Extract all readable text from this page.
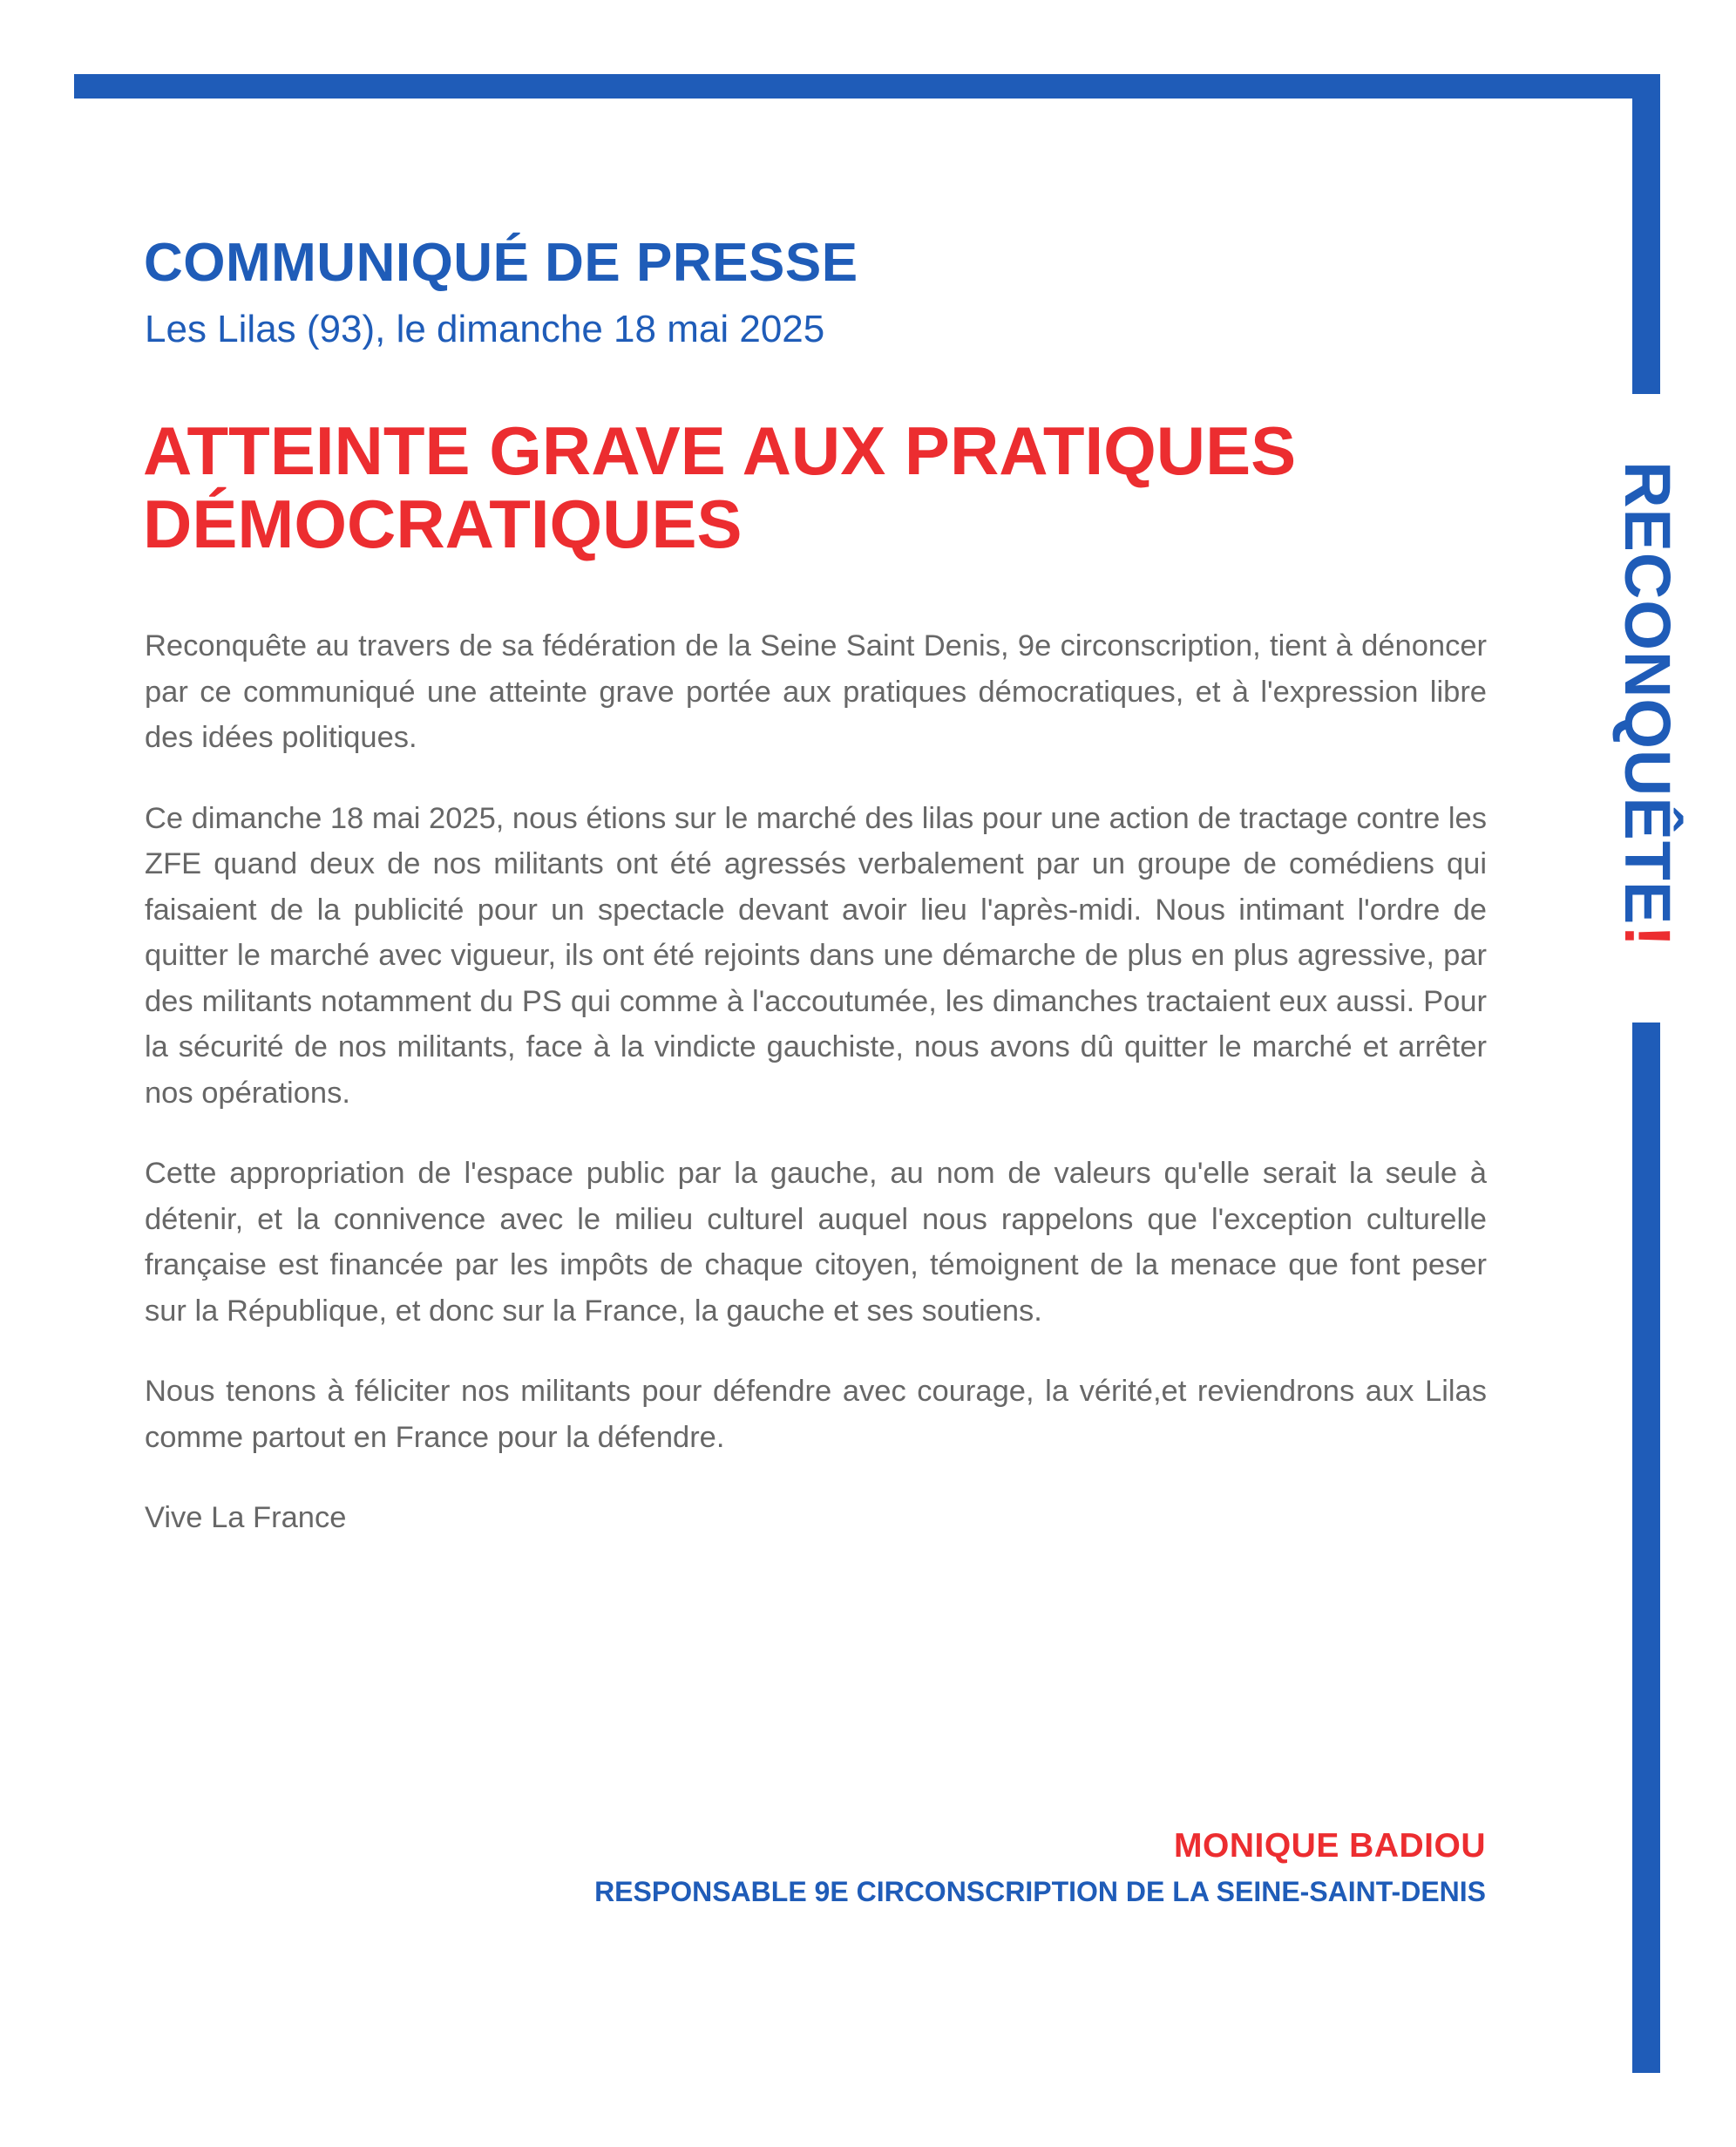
RECONQUÊTE!
COMMUNIQUÉ DE PRESSE
Les Lilas (93), le dimanche 18 mai 2025
ATTEINTE GRAVE AUX PRATIQUES
DÉMOCRATIQUES

Reconquête au travers de sa fédération de la Seine Saint Denis, 9e circonscription, tient à dénoncer par ce communiqué une atteinte grave portée aux pratiques démocratiques, et à l'expression libre des idées politiques.

Ce dimanche 18 mai 2025, nous étions sur le marché des lilas pour une action de tractage contre les ZFE quand deux de nos militants ont été agressés verbalement par un groupe de comédiens qui faisaient de la publicité pour un spectacle devant avoir lieu l'après-midi. Nous intimant l'ordre de quitter le marché avec vigueur, ils ont été rejoints dans une démarche de plus en plus agressive, par des militants notamment du PS qui comme à l'accoutumée, les dimanches tractaient eux aussi. Pour la sécurité de nos militants, face à la vindicte gauchiste, nous avons dû quitter le marché et arrêter nos opérations.

Cette appropriation de l'espace public par la gauche, au nom de valeurs qu'elle serait la seule à détenir, et la connivence avec le milieu culturel auquel nous rappelons que l'exception culturelle française est financée par les impôts de chaque citoyen, témoignent de la menace que font peser sur la République, et donc sur la France, la gauche et ses soutiens.

Nous tenons à féliciter nos militants pour défendre avec courage, la vérité,et reviendrons aux Lilas comme partout en France pour la défendre.

Vive La France

MONIQUE BADIOU
RESPONSABLE 9E CIRCONSCRIPTION DE LA SEINE-SAINT-DENIS
